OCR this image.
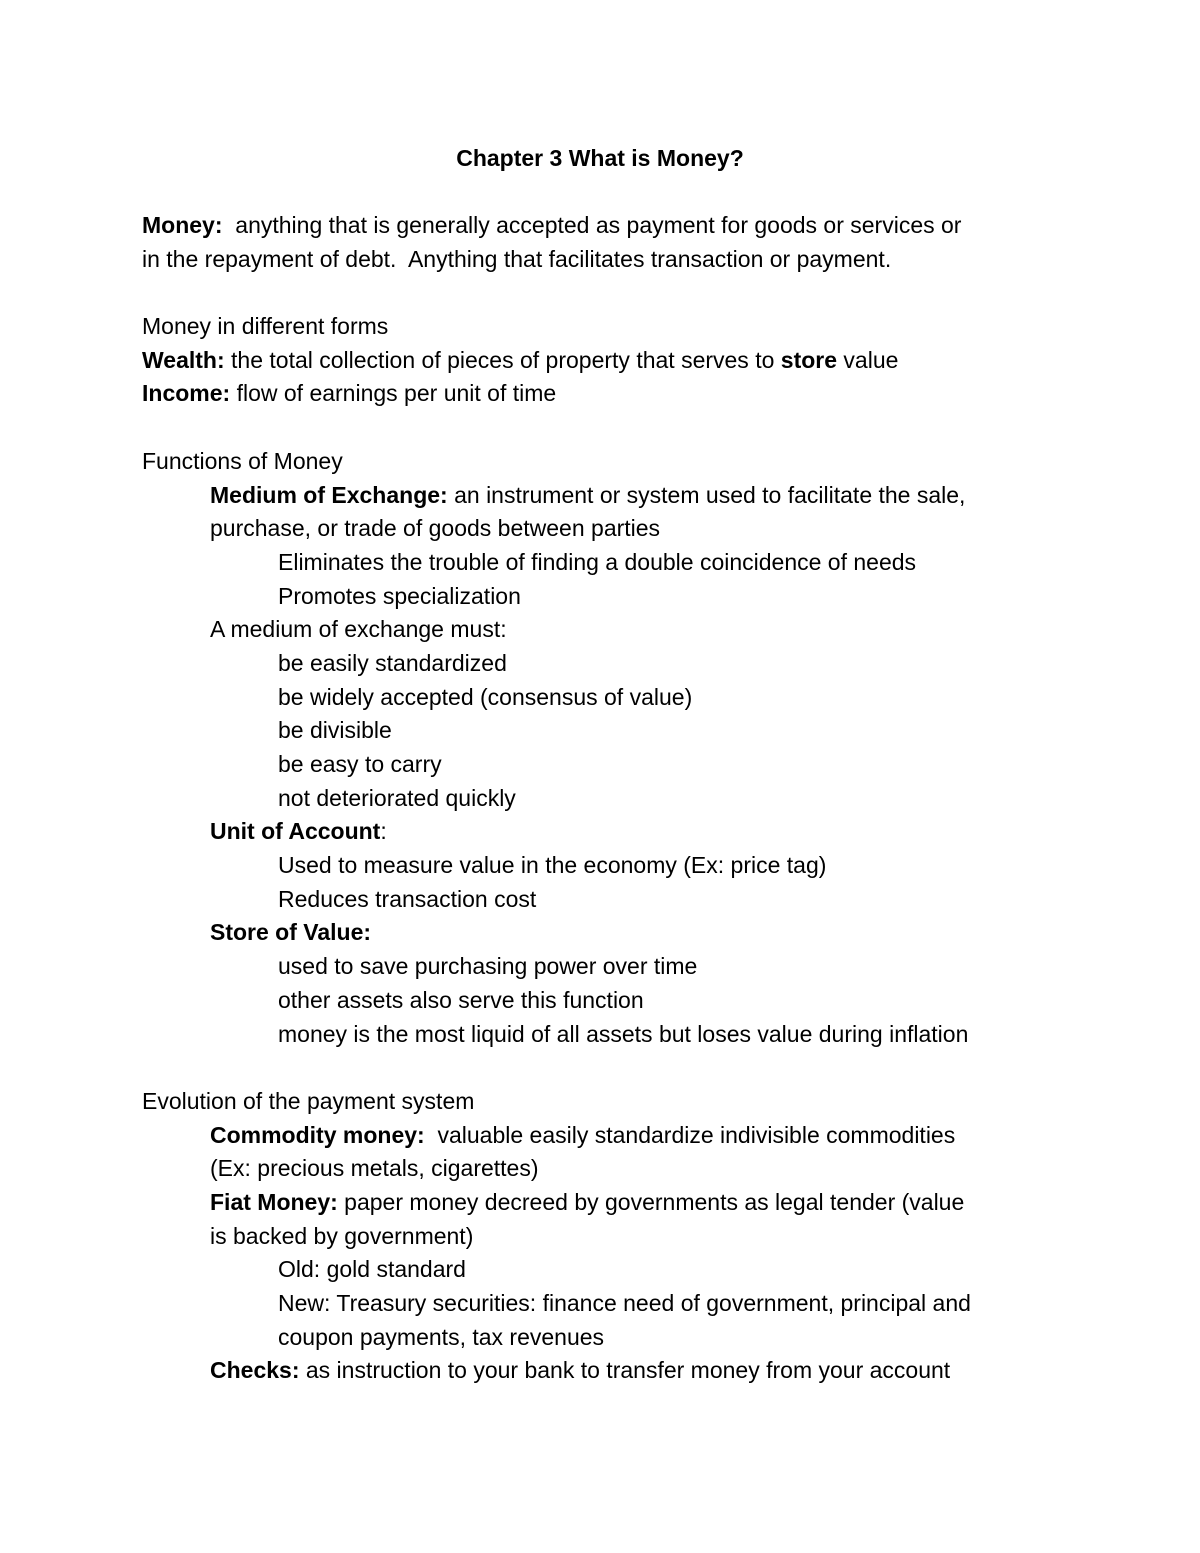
Chapter 3 What is Money?
Money:  anything that is generally accepted as payment for goods or services or
in the repayment of debt.  Anything that facilitates transaction or payment.
Money in different forms
Wealth: the total collection of pieces of property that serves to store value
Income: flow of earnings per unit of time
Functions of Money
Medium of Exchange: an instrument or system used to facilitate the sale,
purchase, or trade of goods between parties
Eliminates the trouble of finding a double coincidence of needs
Promotes specialization
A medium of exchange must:
be easily standardized
be widely accepted (consensus of value)
be divisible
be easy to carry
not deteriorated quickly
Unit of Account:
Used to measure value in the economy (Ex: price tag)
Reduces transaction cost
Store of Value:
used to save purchasing power over time
other assets also serve this function
money is the most liquid of all assets but loses value during inflation
Evolution of the payment system
Commodity money:  valuable easily standardize indivisible commodities
(Ex: precious metals, cigarettes)
Fiat Money: paper money decreed by governments as legal tender (value
is backed by government)
Old: gold standard
New: Treasury securities: finance need of government, principal and
coupon payments, tax revenues
Checks: as instruction to your bank to transfer money from your account
